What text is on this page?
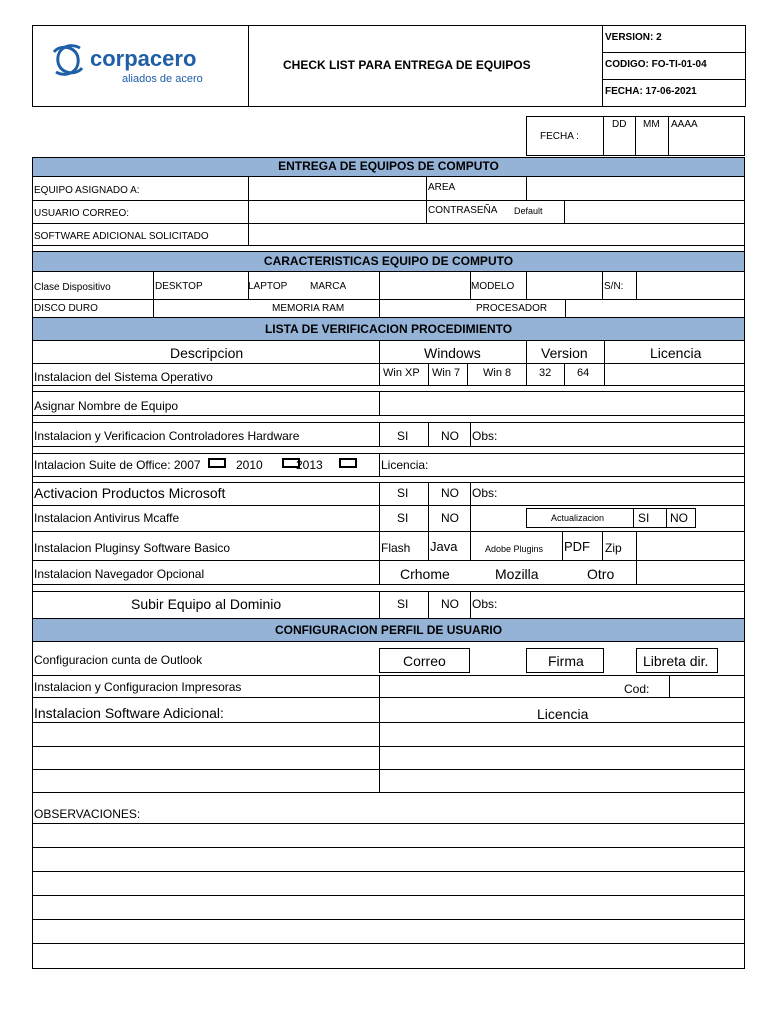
corpacero
aliados de acero
CHECK LIST PARA ENTREGA DE EQUIPOS
VERSION: 2
CODIGO: FO-TI-01-04
FECHA: 17-06-2021
FECHA :
DD MM AAAA
ENTREGA DE EQUIPOS DE COMPUTO
EQUIPO ASIGNADO A:	AREA
USUARIO CORREO:	CONTRASEÑA Default
SOFTWARE ADICIONAL SOLICITADO
CARACTERISTICAS EQUIPO DE COMPUTO
Clase Dispositivo	DESKTOP	LAPTOP MARCA	MODELO	S/N:
DISCO DURO	MEMORIA RAM	PROCESADOR
LISTA DE VERIFICACION PROCEDIMIENTO
Descripcion	Windows	Version	Licencia
Instalacion del Sistema Operativo	Win XP Win 7 Win 8	32 64
Asignar Nombre de Equipo
Instalacion y Verificacion Controladores Hardware	SI	NO Obs:
Intalacion Suite de Office: 2007	2010	2013	Licencia:
Activacion Productos Microsoft	SI	NO Obs:
Instalacion Antivirus Mcaffe	SI	NO	Actualizacion	SI NO
Instalacion Pluginsy Software Basico	Flash Java	Adobe Plugins PDF Zip
Instalacion Navegador Opcional	Crhome	Mozilla	Otro
Subir Equipo al Dominio	SI	NO Obs:
CONFIGURACION PERFIL DE USUARIO
Configuracion cunta de Outlook	Correo	Firma	Libreta dir.
Instalacion y Configuracion Impresoras	Cod:
Instalacion Software Adicional:	Licencia
OBSERVACIONES:
